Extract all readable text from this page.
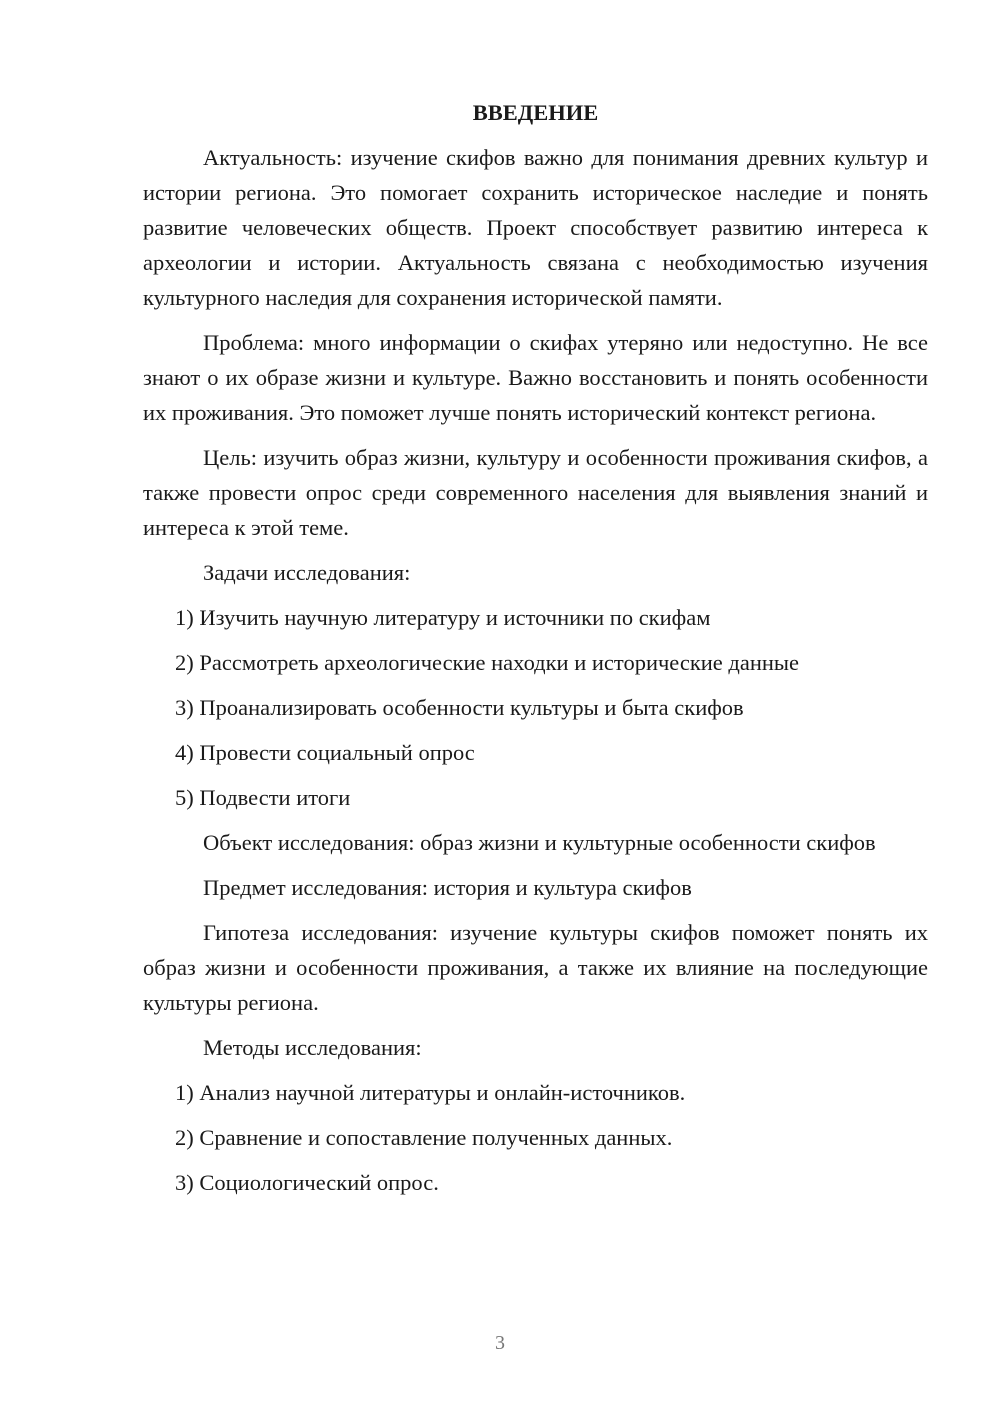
ВВЕДЕНИЕ

Актуальность: изучение скифов важно для понимания древних культур и истории региона. Это помогает сохранить историческое наследие и понять развитие человеческих обществ. Проект способствует развитию интереса к археологии и истории. Актуальность связана с необходимостью изучения культурного наследия для сохранения исторической памяти.

Проблема: много информации о скифах утеряно или недоступно. Не все знают о их образе жизни и культуре. Важно восстановить и понять особенности их проживания. Это поможет лучше понять исторический контекст региона.

Цель: изучить образ жизни, культуру и особенности проживания скифов, а также провести опрос среди современного населения для выявления знаний и интереса к этой теме.

Задачи исследования:
1) Изучить научную литературу и источники по скифам
2) Рассмотреть археологические находки и исторические данные
3) Проанализировать особенности культуры и быта скифов
4) Провести социальный опрос
5) Подвести итоги

Объект исследования: образ жизни и культурные особенности скифов

Предмет исследования: история и культура скифов

Гипотеза исследования: изучение культуры скифов поможет понять их образ жизни и особенности проживания, а также их влияние на последующие культуры региона.

Методы исследования:
1) Анализ научной литературы и онлайн-источников.
2) Сравнение и сопоставление полученных данных.
3) Социологический опрос.
3
